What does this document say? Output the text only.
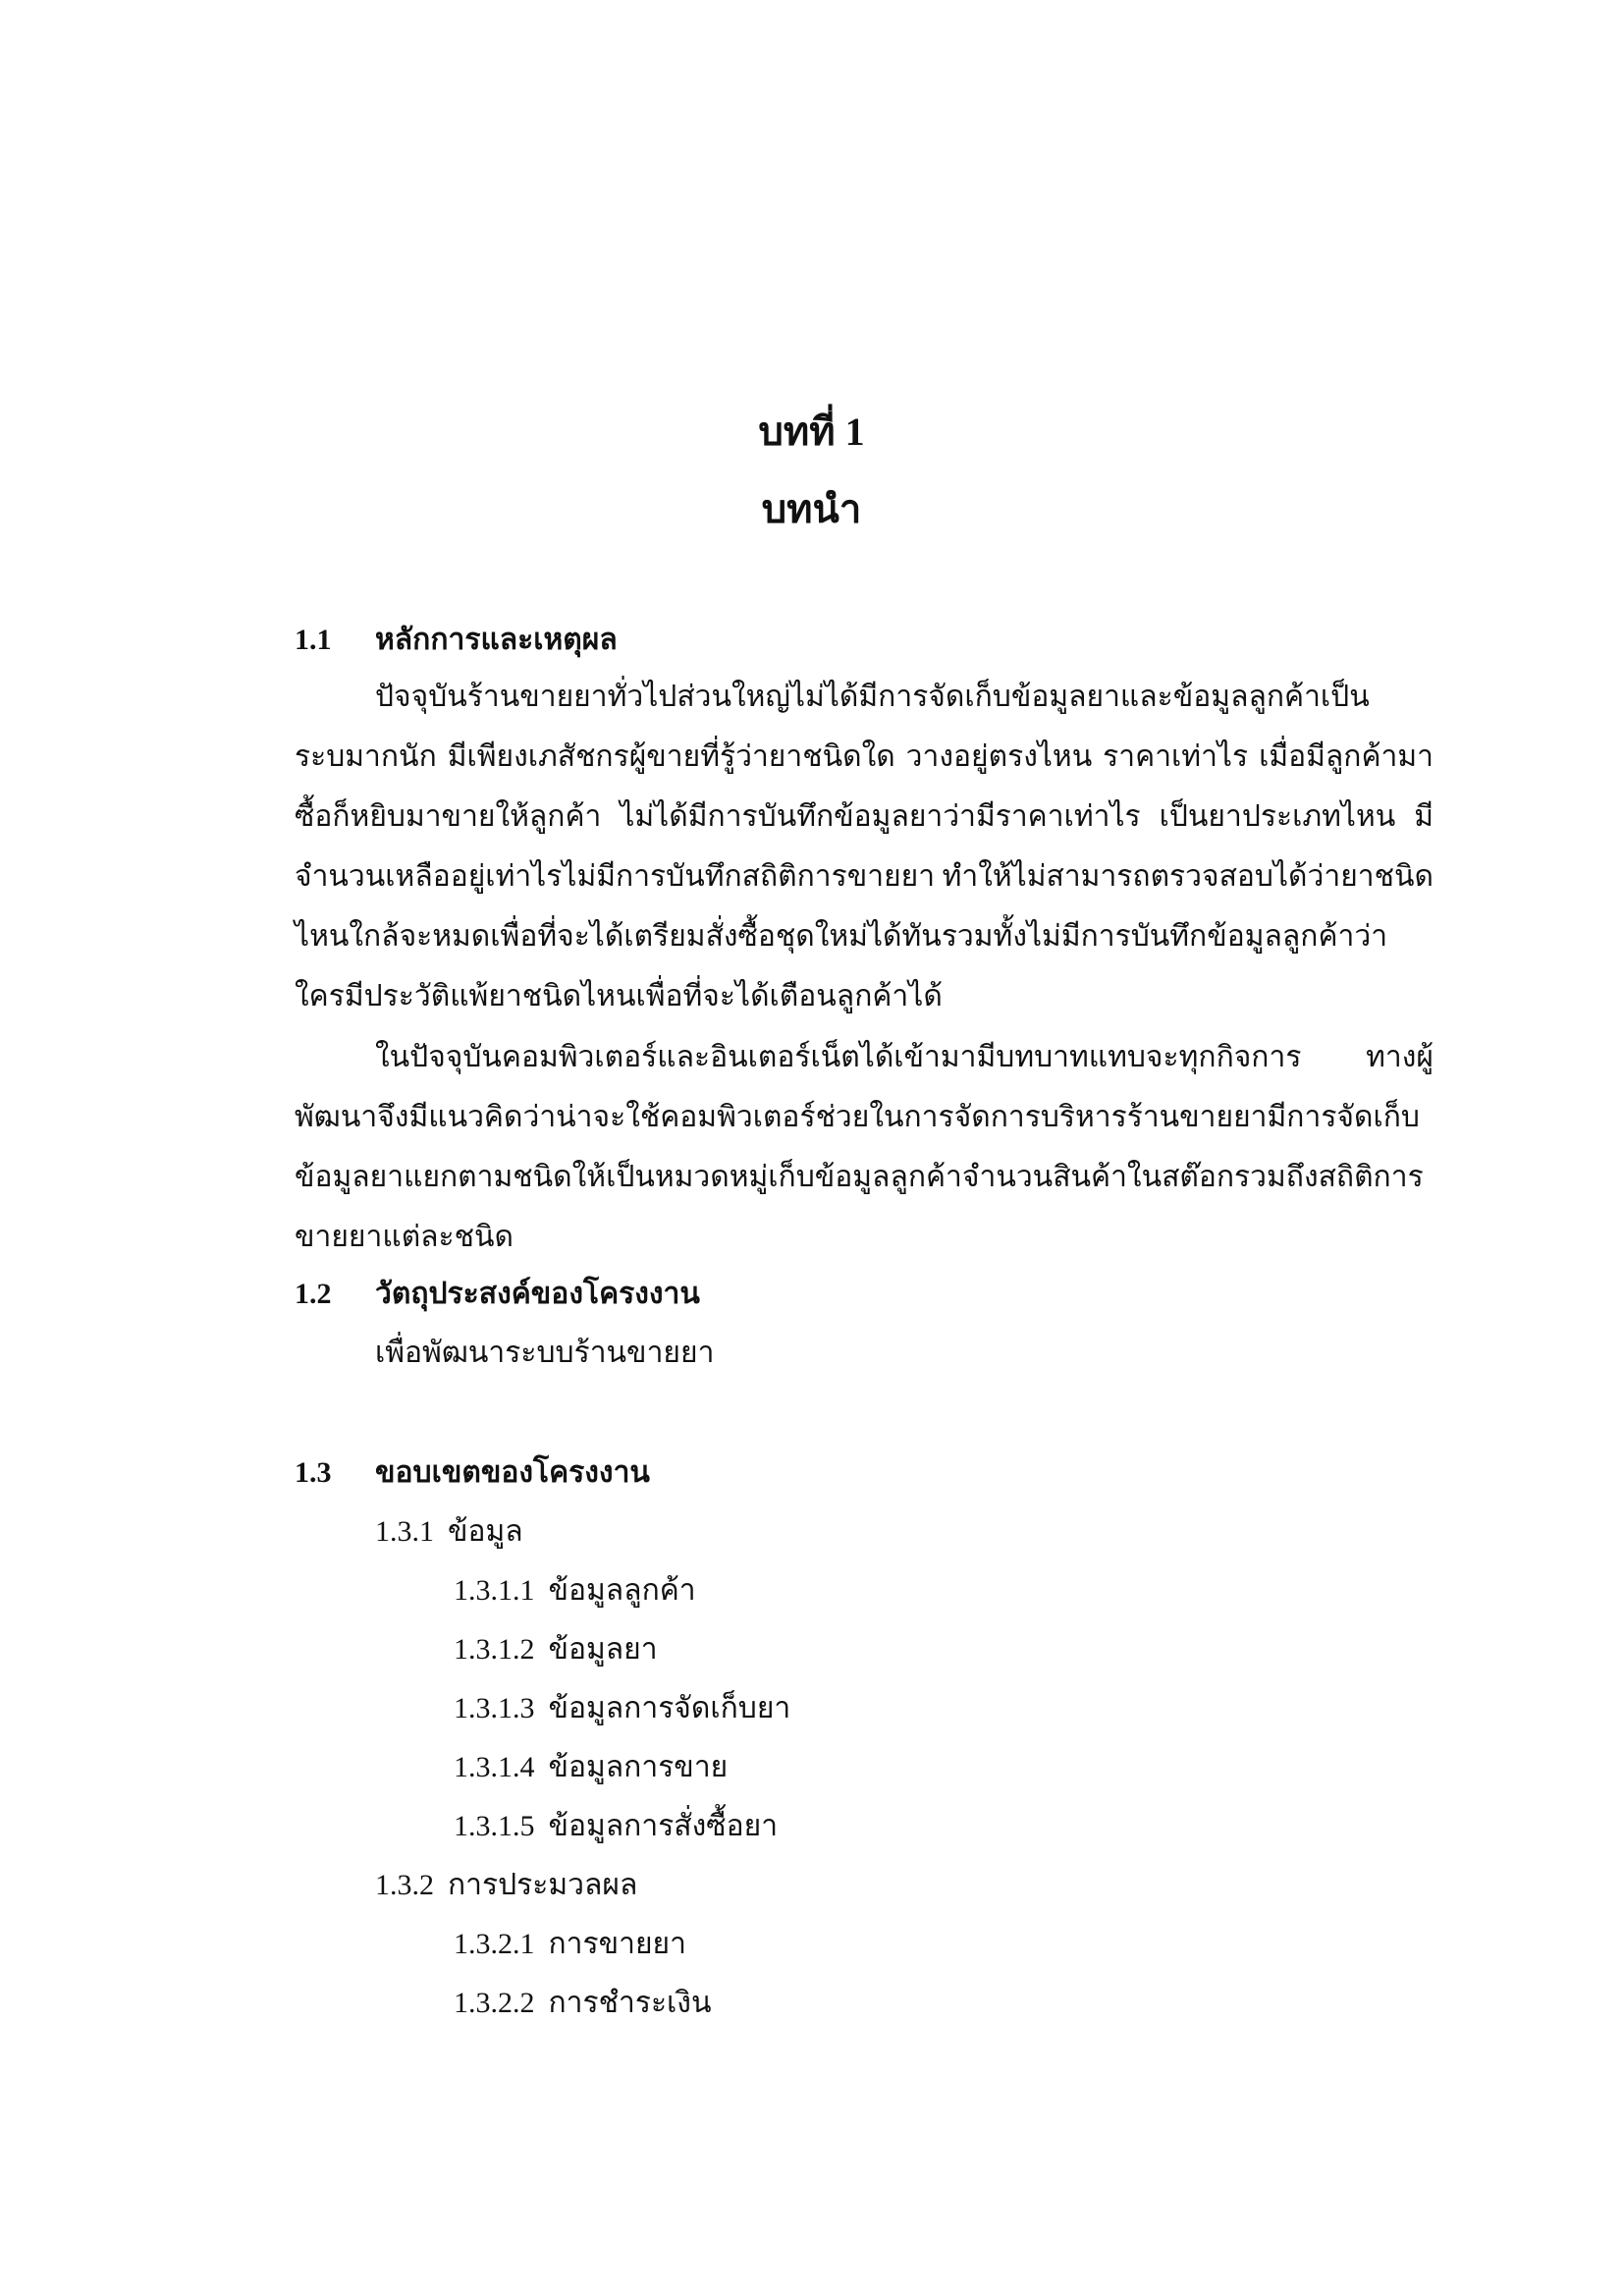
บทที่ 1
บทนำ
1.1 หลักการและเหตุผล

ปัจจุบันร้านขายยาทั่วไปส่วนใหญ่ไม่ได้มีการจัดเก็บข้อมูลยาและข้อมูลลูกค้าเป็นระบมากนัก มีเพียงเภสัชกรผู้ขายที่รู้ว่ายาชนิดใด วางอยู่ตรงไหน ราคาเท่าไร เมื่อมีลูกค้ามาซื้อก็หยิบมาขายให้ลูกค้า ไม่ได้มีการบันทึกข้อมูลยาว่ามีราคาเท่าไร เป็นยาประเภทไหน มีจำนวนเหลืออยู่เท่าไรไม่มีการบันทึกสถิติการขายยา ทำให้ไม่สามารถตรวจสอบได้ว่ายาชนิดไหนใกล้จะหมดเพื่อที่จะได้เตรียมสั่งซื้อชุดใหม่ได้ทันรวมทั้งไม่มีการบันทึกข้อมูลลูกค้าว่าใครมีประวัติแพ้ยาชนิดไหนเพื่อที่จะได้เตือนลูกค้าได้

ในปัจจุบันคอมพิวเตอร์และอินเตอร์เน็ตได้เข้ามามีบทบาทแทบจะทุกกิจการ ทางผู้พัฒนาจึงมีแนวคิดว่าน่าจะใช้คอมพิวเตอร์ช่วยในการจัดการบริหารร้านขายยามีการจัดเก็บข้อมูลยาแยกตามชนิดให้เป็นหมวดหมู่เก็บข้อมูลลูกค้าจำนวนสินค้าในสต๊อกรวมถึงสถิติการขายยาแต่ละชนิด

1.2 วัตถุประสงค์ของโครงงาน

เพื่อพัฒนาระบบร้านขายยา

1.3 ขอบเขตของโครงงาน

1.3.1 ข้อมูล

1.3.1.1 ข้อมูลลูกค้า

1.3.1.2 ข้อมูลยา

1.3.1.3 ข้อมูลการจัดเก็บยา

1.3.1.4 ข้อมูลการขาย

1.3.1.5 ข้อมูลการสั่งซื้อยา

1.3.2 การประมวลผล

1.3.2.1 การขายยา

1.3.2.2 การชำระเงิน
